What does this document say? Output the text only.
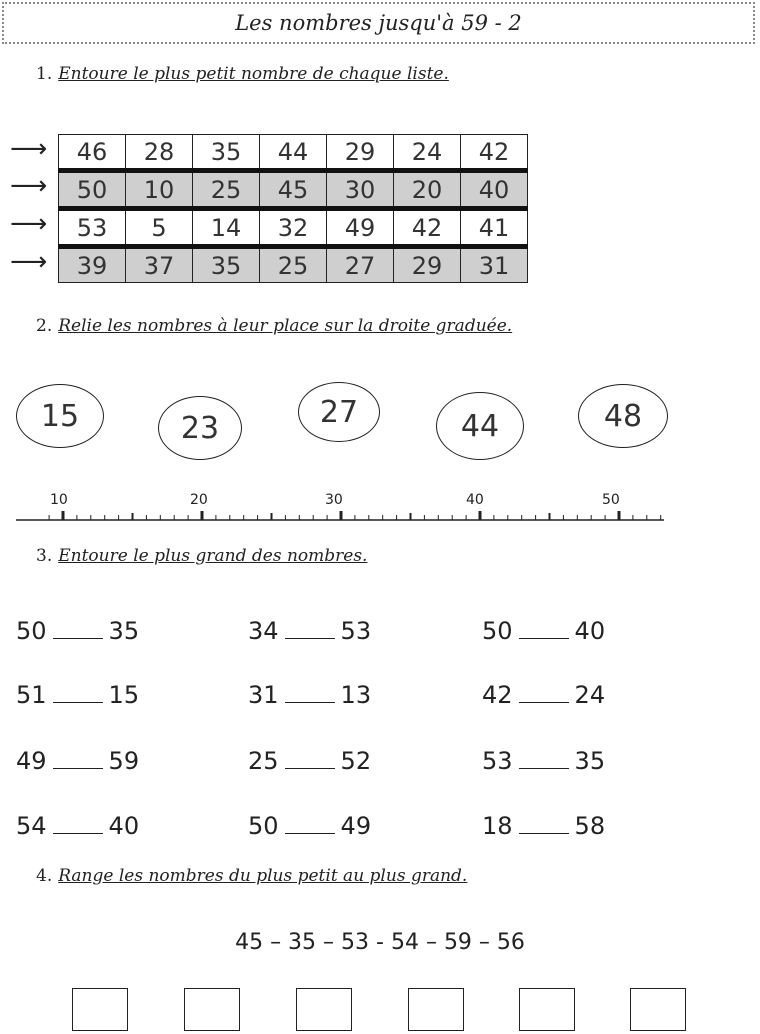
Les nombres jusqu'à 59 - 2
1. Entoure le plus petit nombre de chaque liste.
⟶
⟶
⟶
⟶
46	28	35	44	29	24	42
50	10	25	45	30	20	40
53	5	14	32	49	42	41
39	37	35	25	27	29	31
2. Relie les nombres à leur place sur la droite graduée.
15	23	27	44	48
10	20	30	40	50
3. Entoure le plus grand des nombres.
50	35	34	53	50	40
51	15	31	13	42	24
49	59	25	52	53	35
54	40	50	49	18	58
4. Range les nombres du plus petit au plus grand.
45 – 35 – 53 - 54 – 59 – 56
